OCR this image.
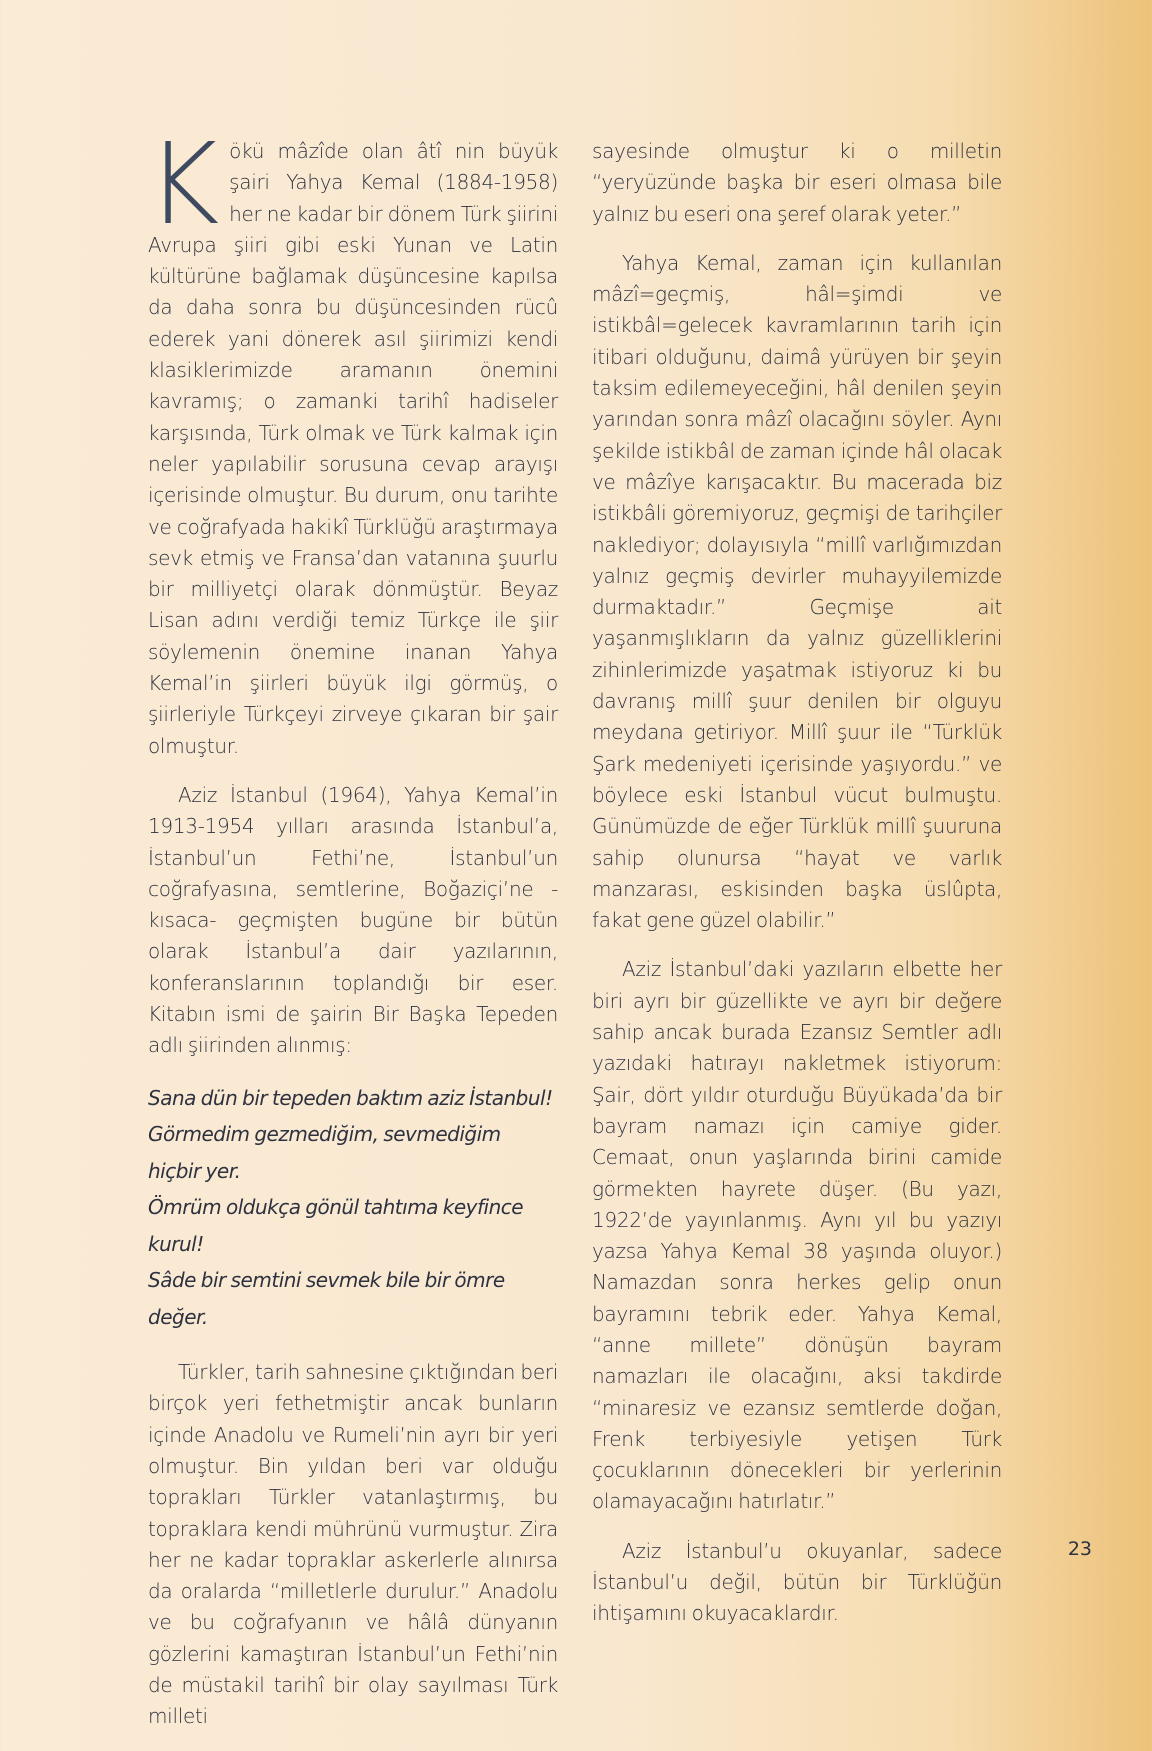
Kökü mâzîde olan âtî nin büyük şairi Yahya Kemal (1884-1958) her ne kadar bir dönem Türk şiirini Avrupa şiiri gibi eski Yunan ve Latin kültürüne bağlamak düşüncesine kapılsa da daha sonra bu düşüncesinden rücû ederek yani dönerek asıl şiirimizi kendi klasiklerimizde aramanın önemini kavramış; o zamanki tarihî hadiseler karşısında, Türk olmak ve Türk kalmak için neler yapılabilir sorusuna cevap arayışı içerisinde olmuştur. Bu durum, onu tarihte ve coğrafyada hakikî Türklüğü araştırmaya sevk etmiş ve Fransa’dan vatanına şuurlu bir milliyetçi olarak dönmüştür. Beyaz Lisan adını verdiği temiz Türkçe ile şiir söylemenin önemine inanan Yahya Kemal’in şiirleri büyük ilgi görmüş, o şiirleriyle Türkçeyi zirveye çıkaran bir şair olmuştur.

Aziz İstanbul (1964), Yahya Kemal’in 1913-1954 yılları arasında İstanbul’a, İstanbul’un Fethi’ne, İstanbul’un coğrafyasına, semtlerine, Boğaziçi’ne -kısaca- geçmişten bugüne bir bütün olarak İstanbul’a dair yazılarının, konferanslarının toplandığı bir eser. Kitabın ismi de şairin Bir Başka Tepeden adlı şiirinden alınmış:

Sana dün bir tepeden baktım aziz İstanbul!
Görmedim gezmediğim, sevmediğim hiçbir yer.
Ömrüm oldukça gönül tahtıma keyfince kurul!
Sâde bir semtini sevmek bile bir ömre değer.

Türkler, tarih sahnesine çıktığından beri birçok yeri fethetmiştir ancak bunların içinde Anadolu ve Rumeli’nin ayrı bir yeri olmuştur. Bin yıldan beri var olduğu toprakları Türkler vatanlaştırmış, bu topraklara kendi mührünü vurmuştur. Zira her ne kadar topraklar askerlerle alınırsa da oralarda “milletlerle durulur.” Anadolu ve bu coğrafyanın ve hâlâ dünyanın gözlerini kamaştıran İstanbul’un Fethi’nin de müstakil tarihî bir olay sayılması Türk milleti

sayesinde olmuştur ki o milletin “yeryüzünde başka bir eseri olmasa bile yalnız bu eseri ona şeref olarak yeter.”

Yahya Kemal, zaman için kullanılan mâzî=geçmiş, hâl=şimdi ve istikbâl=gelecek kavramlarının tarih için itibari olduğunu, daimâ yürüyen bir şeyin taksim edilemeyeceğini, hâl denilen şeyin yarından sonra mâzî olacağını söyler. Aynı şekilde istikbâl de zaman içinde hâl olacak ve mâzîye karışacaktır. Bu macerada biz istikbâli göremiyoruz, geçmişi de tarihçiler naklediyor; dolayısıyla “millî varlığımızdan yalnız geçmiş devirler muhayyilemizde durmaktadır.” Geçmişe ait yaşanmışlıkların da yalnız güzelliklerini zihinlerimizde yaşatmak istiyoruz ki bu davranış millî şuur denilen bir olguyu meydana getiriyor. Millî şuur ile “Türklük Şark medeniyeti içerisinde yaşıyordu.” ve böylece eski İstanbul vücut bulmuştu. Günümüzde de eğer Türklük millî şuuruna sahip olunursa “hayat ve varlık manzarası, eskisinden başka üslûpta, fakat gene güzel olabilir.”

Aziz İstanbul’daki yazıların elbette her biri ayrı bir güzellikte ve ayrı bir değere sahip ancak burada Ezansız Semtler adlı yazıdaki hatırayı nakletmek istiyorum: Şair, dört yıldır oturduğu Büyükada’da bir bayram namazı için camiye gider. Cemaat, onun yaşlarında birini camide görmekten hayrete düşer. (Bu yazı, 1922’de yayınlanmış. Aynı yıl bu yazıyı yazsa Yahya Kemal 38 yaşında oluyor.) Namazdan sonra herkes gelip onun bayramını tebrik eder. Yahya Kemal, “anne millete” dönüşün bayram namazları ile olacağını, aksi takdirde “minaresiz ve ezansız semtlerde doğan, Frenk terbiyesiyle yetişen Türk çocuklarının dönecekleri bir yerlerinin olamayacağını hatırlatır.”

Aziz İstanbul’u okuyanlar, sadece İstanbul’u değil, bütün bir Türklüğün ihtişamını okuyacaklardır.

23
